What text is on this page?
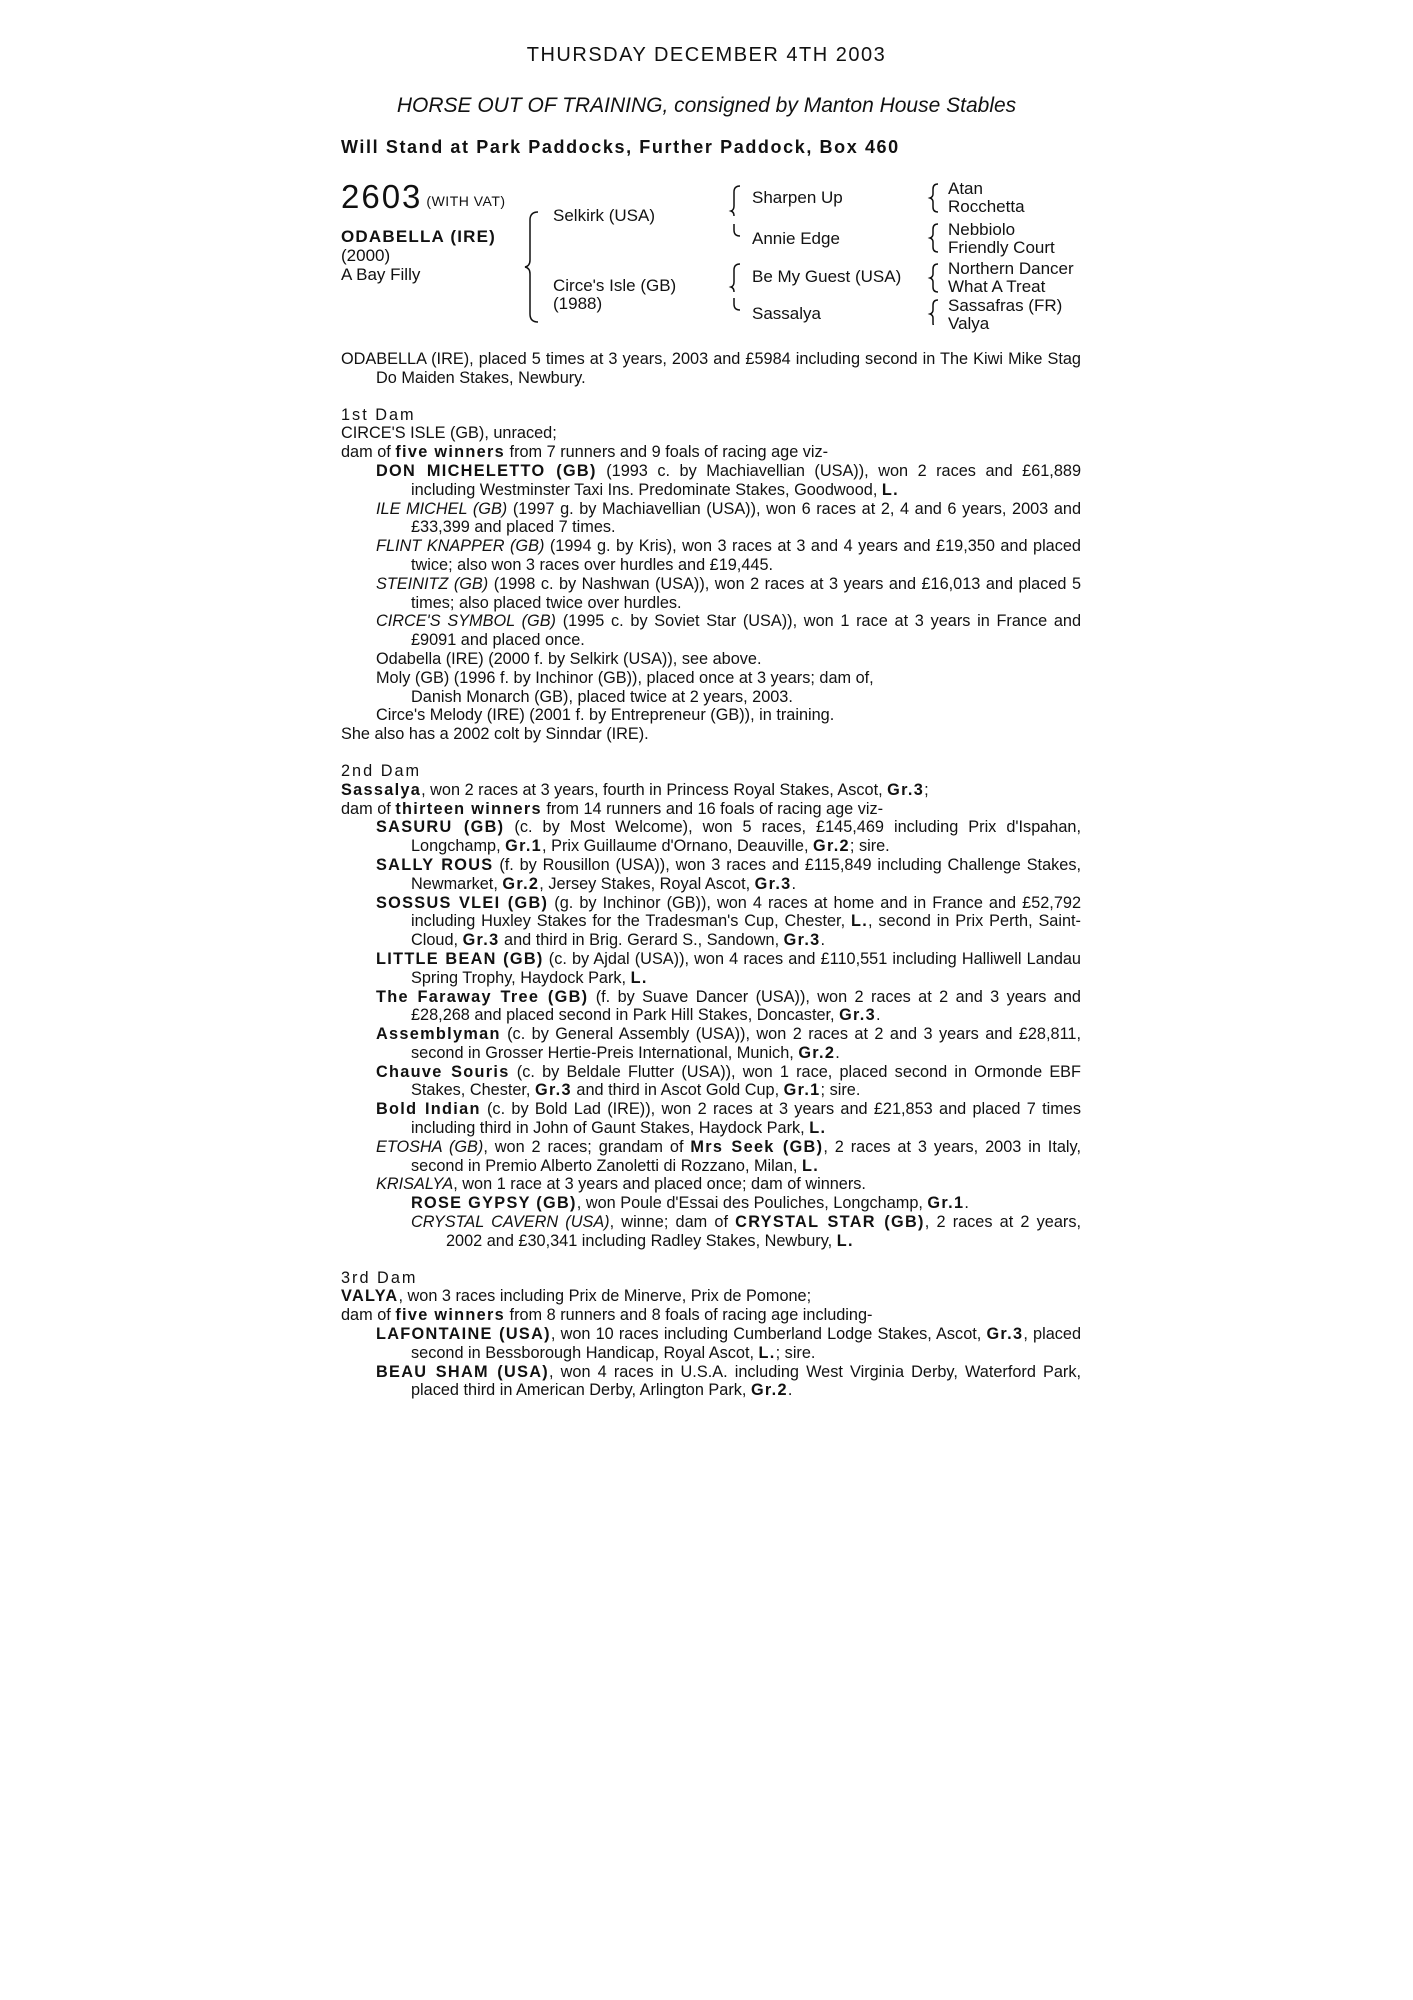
THURSDAY DECEMBER 4TH 2003
HORSE OUT OF TRAINING, consigned by Manton House Stables
Will Stand at Park Paddocks, Further Paddock, Box 460
2603 (WITH VAT)
ODABELLA (IRE)
(2000)
A Bay Filly
Selkirk (USA)
Circe's Isle (GB)
(1988)
Sharpen Up
Annie Edge
Be My Guest (USA)
Sassalya
Atan
Rocchetta
Nebbiolo
Friendly Court
Northern Dancer
What A Treat
Sassafras (FR)
Valya

ODABELLA (IRE), placed 5 times at 3 years, 2003 and £5984 including second in The Kiwi Mike Stag Do Maiden Stakes, Newbury.

1st Dam

CIRCE'S ISLE (GB), unraced;

dam of five winners from 7 runners and 9 foals of racing age viz-

DON MICHELETTO (GB) (1993 c. by Machiavellian (USA)), won 2 races and £61,889 including Westminster Taxi Ins. Predominate Stakes, Goodwood, L.

ILE MICHEL (GB) (1997 g. by Machiavellian (USA)), won 6 races at 2, 4 and 6 years, 2003 and £33,399 and placed 7 times.

FLINT KNAPPER (GB) (1994 g. by Kris), won 3 races at 3 and 4 years and £19,350 and placed twice; also won 3 races over hurdles and £19,445.

STEINITZ (GB) (1998 c. by Nashwan (USA)), won 2 races at 3 years and £16,013 and placed 5 times; also placed twice over hurdles.

CIRCE'S SYMBOL (GB) (1995 c. by Soviet Star (USA)), won 1 race at 3 years in France and £9091 and placed once.

Odabella (IRE) (2000 f. by Selkirk (USA)), see above.

Moly (GB) (1996 f. by Inchinor (GB)), placed once at 3 years; dam of,

Danish Monarch (GB), placed twice at 2 years, 2003.

Circe's Melody (IRE) (2001 f. by Entrepreneur (GB)), in training.

She also has a 2002 colt by Sinndar (IRE).

2nd Dam

Sassalya, won 2 races at 3 years, fourth in Princess Royal Stakes, Ascot, Gr.3;

dam of thirteen winners from 14 runners and 16 foals of racing age viz-

SASURU (GB) (c. by Most Welcome), won 5 races, £145,469 including Prix d'Ispahan, Longchamp, Gr.1, Prix Guillaume d'Ornano, Deauville, Gr.2; sire.

SALLY ROUS (f. by Rousillon (USA)), won 3 races and £115,849 including Challenge Stakes, Newmarket, Gr.2, Jersey Stakes, Royal Ascot, Gr.3.

SOSSUS VLEI (GB) (g. by Inchinor (GB)), won 4 races at home and in France and £52,792 including Huxley Stakes for the Tradesman's Cup, Chester, L., second in Prix Perth, Saint-Cloud, Gr.3 and third in Brig. Gerard S., Sandown, Gr.3.

LITTLE BEAN (GB) (c. by Ajdal (USA)), won 4 races and £110,551 including Halliwell Landau Spring Trophy, Haydock Park, L.

The Faraway Tree (GB) (f. by Suave Dancer (USA)), won 2 races at 2 and 3 years and £28,268 and placed second in Park Hill Stakes, Doncaster, Gr.3.

Assemblyman (c. by General Assembly (USA)), won 2 races at 2 and 3 years and £28,811, second in Grosser Hertie-Preis International, Munich, Gr.2.

Chauve Souris (c. by Beldale Flutter (USA)), won 1 race, placed second in Ormonde EBF Stakes, Chester, Gr.3 and third in Ascot Gold Cup, Gr.1; sire.

Bold Indian (c. by Bold Lad (IRE)), won 2 races at 3 years and £21,853 and placed 7 times including third in John of Gaunt Stakes, Haydock Park, L.

ETOSHA (GB), won 2 races; grandam of Mrs Seek (GB), 2 races at 3 years, 2003 in Italy, second in Premio Alberto Zanoletti di Rozzano, Milan, L.

KRISALYA, won 1 race at 3 years and placed once; dam of winners.

ROSE GYPSY (GB), won Poule d'Essai des Pouliches, Longchamp, Gr.1.

CRYSTAL CAVERN (USA), winne; dam of CRYSTAL STAR (GB), 2 races at 2 years, 2002 and £30,341 including Radley Stakes, Newbury, L.

3rd Dam

VALYA, won 3 races including Prix de Minerve, Prix de Pomone;

dam of five winners from 8 runners and 8 foals of racing age including-

LAFONTAINE (USA), won 10 races including Cumberland Lodge Stakes, Ascot, Gr.3, placed second in Bessborough Handicap, Royal Ascot, L.; sire.

BEAU SHAM (USA), won 4 races in U.S.A. including West Virginia Derby, Waterford Park, placed third in American Derby, Arlington Park, Gr.2.
